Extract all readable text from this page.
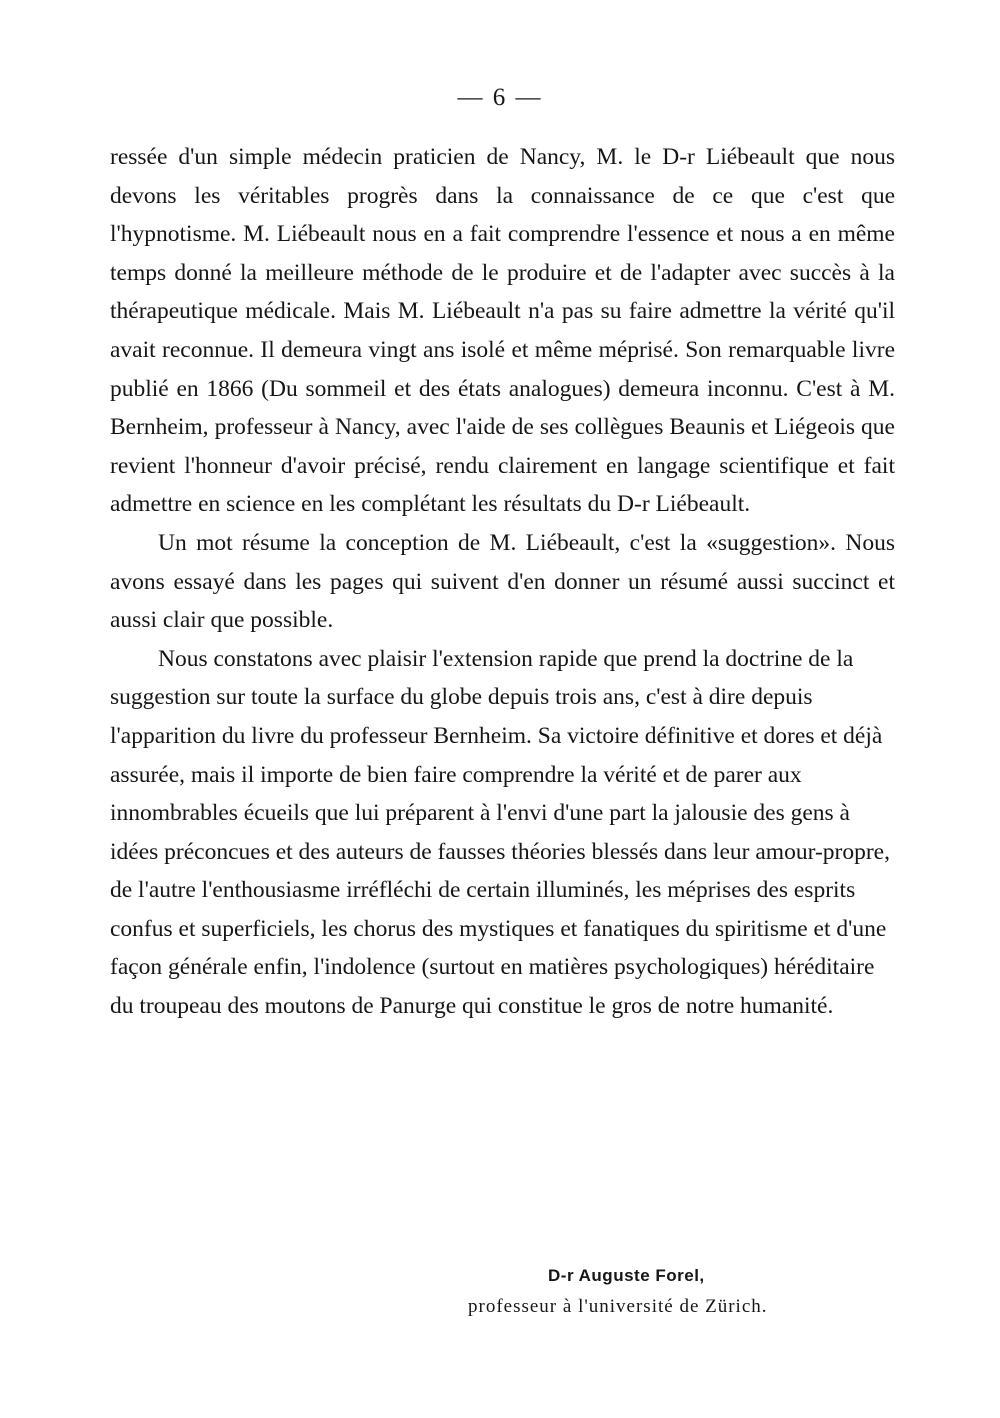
— 6 —

ressée d'un simple médecin praticien de Nancy, M. le D-r Liébeault que nous devons les véritables progrès dans la connaissance de ce que c'est que l'hypnotisme. M. Liébeault nous en a fait comprendre l'essence et nous a en même temps donné la meilleure méthode de le produire et de l'adapter avec succès à la thérapeutique médicale. Mais M. Liébeault n'a pas su faire admettre la vérité qu'il avait reconnue. Il demeura vingt ans isolé et même méprisé. Son remarquable livre publié en 1866 (Du sommeil et des états analogues) demeura inconnu. C'est à M. Bernheim, professeur à Nancy, avec l'aide de ses collègues Beaunis et Liégeois que revient l'honneur d'avoir précisé, rendu clairement en langage scientifique et fait admettre en science en les complétant les résultats du D-r Liébeault.

Un mot résume la conception de M. Liébeault, c'est la «suggestion». Nous avons essayé dans les pages qui suivent d'en donner un résumé aussi succinct et aussi clair que possible.

Nous constatons avec plaisir l'extension rapide que prend la doctrine de la suggestion sur toute la surface du globe depuis trois ans, c'est à dire depuis l'apparition du livre du professeur Bernheim. Sa victoire définitive et dores et déjà assurée, mais il importe de bien faire comprendre la vérité et de parer aux innombrables écueils que lui préparent à l'envi d'une part la jalousie des gens à idées préconcues et des auteurs de fausses théories blessés dans leur amour-propre, de l'autre l'enthousiasme irréfléchi de certain illuminés, les méprises des esprits confus et superficiels, les chorus des mystiques et fanatiques du spiritisme et d'une façon générale enfin, l'indolence (surtout en matières psychologiques) héréditaire du troupeau des moutons de Panurge qui constitue le gros de notre humanité.

D-r Auguste Forel,
professeur à l'université de Zürich.
